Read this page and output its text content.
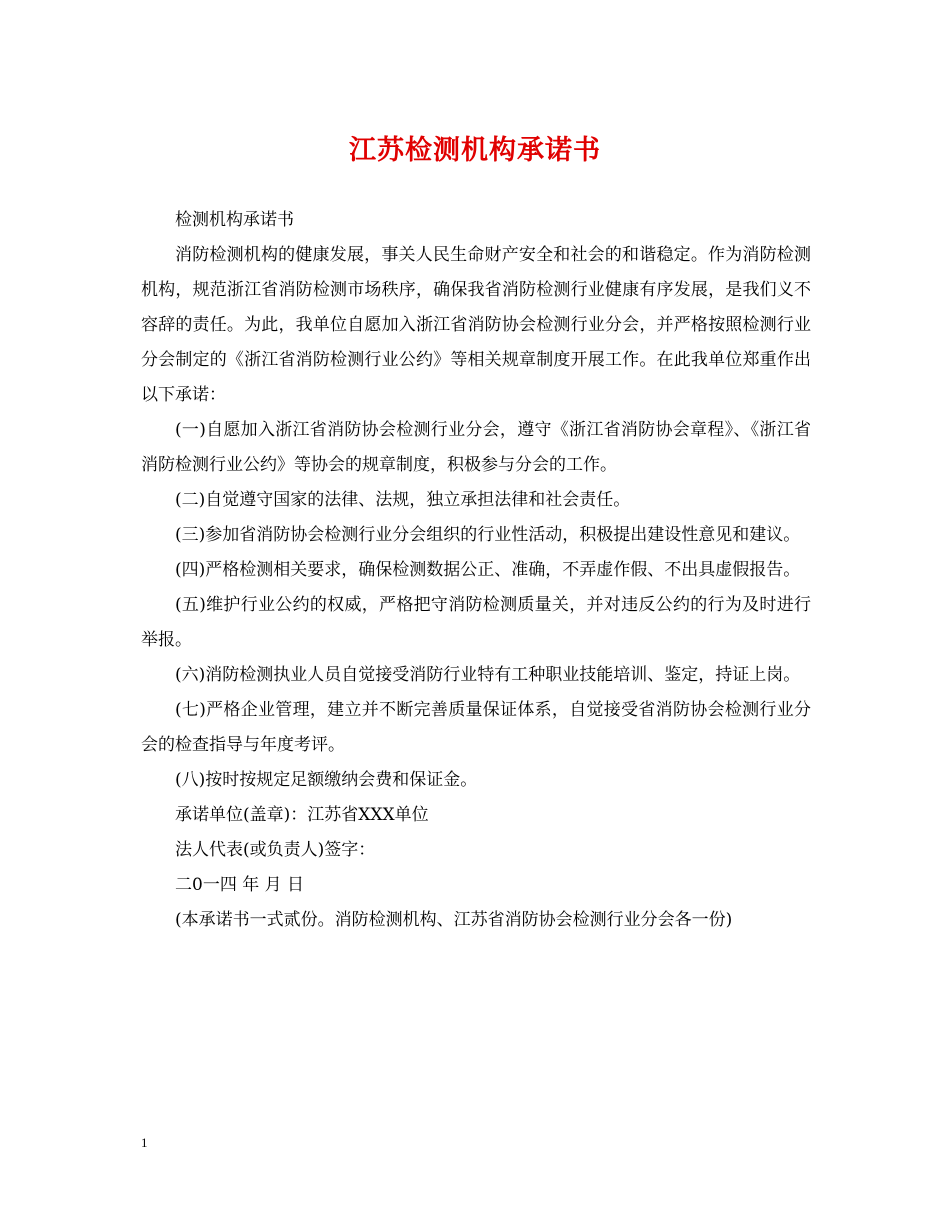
江苏检测机构承诺书

检测机构承诺书

消防检测机构的健康发展，事关人民生命财产安全和社会的和谐稳定。作为消防检测机构，规范浙江省消防检测市场秩序，确保我省消防检测行业健康有序发展，是我们义不容辞的责任。为此，我单位自愿加入浙江省消防协会检测行业分会，并严格按照检测行业分会制定的《浙江省消防检测行业公约》等相关规章制度开展工作。在此我单位郑重作出以下承诺：

(一)自愿加入浙江省消防协会检测行业分会，遵守《浙江省消防协会章程》、《浙江省消防检测行业公约》等协会的规章制度，积极参与分会的工作。

(二)自觉遵守国家的法律、法规，独立承担法律和社会责任。

(三)参加省消防协会检测行业分会组织的行业性活动，积极提出建设性意见和建议。

(四)严格检测相关要求，确保检测数据公正、准确，不弄虚作假、不出具虚假报告。

(五)维护行业公约的权威，严格把守消防检测质量关，并对违反公约的行为及时进行举报。

(六)消防检测执业人员自觉接受消防行业特有工种职业技能培训、鉴定，持证上岗。

(七)严格企业管理，建立并不断完善质量保证体系，自觉接受省消防协会检测行业分会的检查指导与年度考评。

(八)按时按规定足额缴纳会费和保证金。

承诺单位(盖章)：江苏省XXX单位

法人代表(或负责人)签字：

二0一四 年 月 日

(本承诺书一式贰份。消防检测机构、江苏省消防协会检测行业分会各一份)

1
